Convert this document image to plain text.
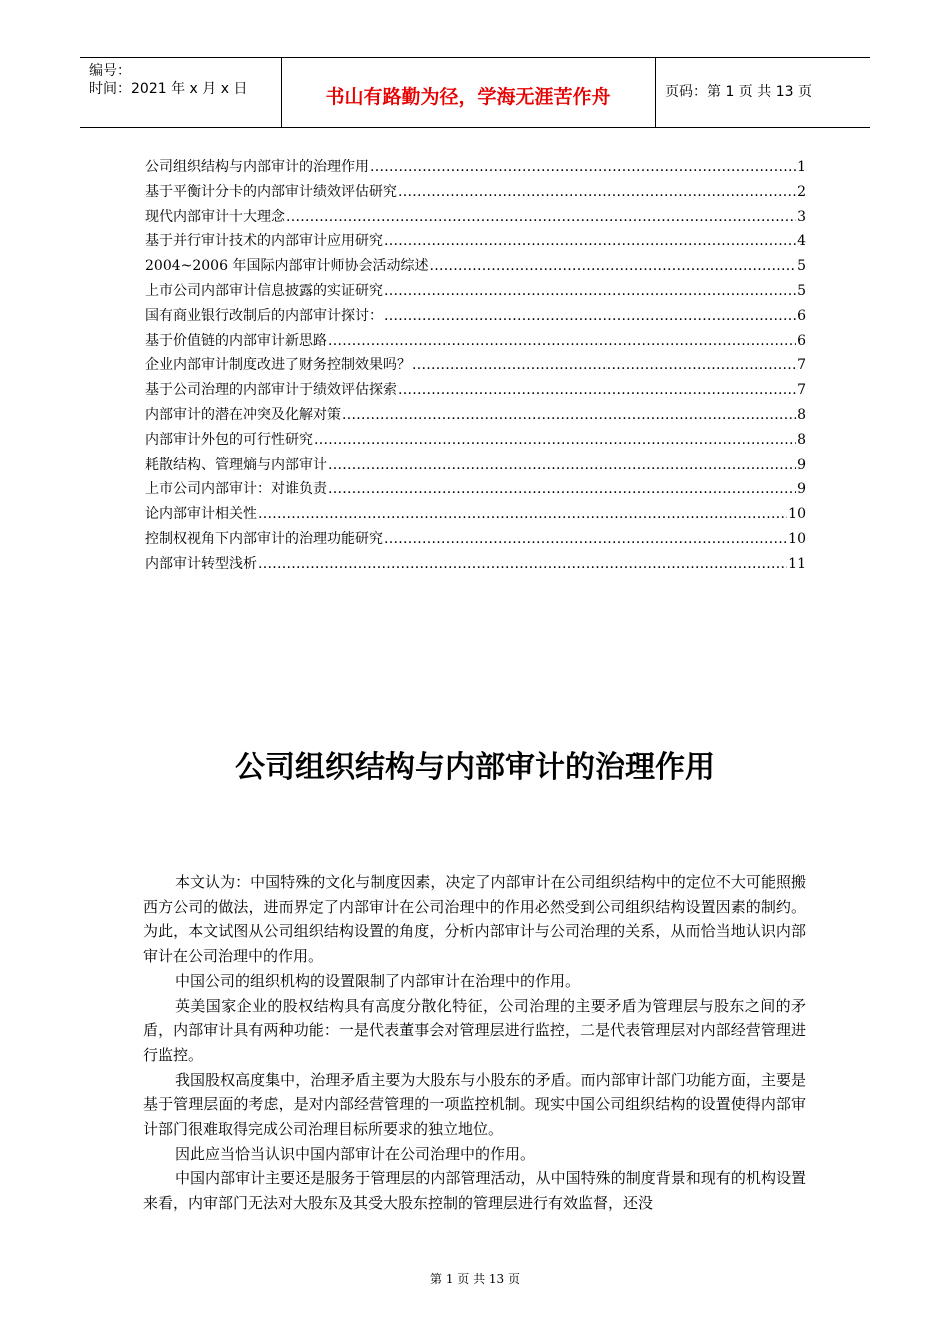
编号：
时间：2021 年 x 月 x 日	书山有路勤为径，学海无涯苦作舟	页码：第 1 页 共 13 页
公司组织结构与内部审计的治理作用 .....	1
基于平衡计分卡的内部审计绩效评估研究 .....	2
现代内部审计十大理念 .....	3
基于并行审计技术的内部审计应用研究 .....	4
2004~2006 年国际内部审计师协会活动综述 .....	5
上市公司内部审计信息披露的实证研究 .....	5
国有商业银行改制后的内部审计探讨： .....	6
基于价值链的内部审计新思路 .....	6
企业内部审计制度改进了财务控制效果吗？ .....	7
基于公司治理的内部审计于绩效评估探索 .....	7
内部审计的潜在冲突及化解对策 .....	8
内部审计外包的可行性研究 .....	8
耗散结构、管理熵与内部审计 .....	9
上市公司内部审计：对谁负责 .....	9
论内部审计相关性 .....	10
控制权视角下内部审计的治理功能研究 .....	10
内部审计转型浅析 .....	11
公司组织结构与内部审计的治理作用

本文认为：中国特殊的文化与制度因素，决定了内部审计在公司组织结构中的定位不大可能照搬西方公司的做法，进而界定了内部审计在公司治理中的作用必然受到公司组织结构设置因素的制约。为此，本文试图从公司组织结构设置的角度，分析内部审计与公司治理的关系，从而恰当地认识内部审计在公司治理中的作用。

中国公司的组织机构的设置限制了内部审计在治理中的作用。

英美国家企业的股权结构具有高度分散化特征，公司治理的主要矛盾为管理层与股东之间的矛盾，内部审计具有两种功能：一是代表董事会对管理层进行监控，二是代表管理层对内部经营管理进行监控。

我国股权高度集中，治理矛盾主要为大股东与小股东的矛盾。而内部审计部门功能方面，主要是基于管理层面的考虑，是对内部经营管理的一项监控机制。现实中国公司组织结构的设置使得内部审计部门很难取得完成公司治理目标所要求的独立地位。

因此应当恰当认识中国内部审计在公司治理中的作用。

中国内部审计主要还是服务于管理层的内部管理活动，从中国特殊的制度背景和现有的机构设置来看，内审部门无法对大股东及其受大股东控制的管理层进行有效监督，还没

第 1 页 共 13 页
